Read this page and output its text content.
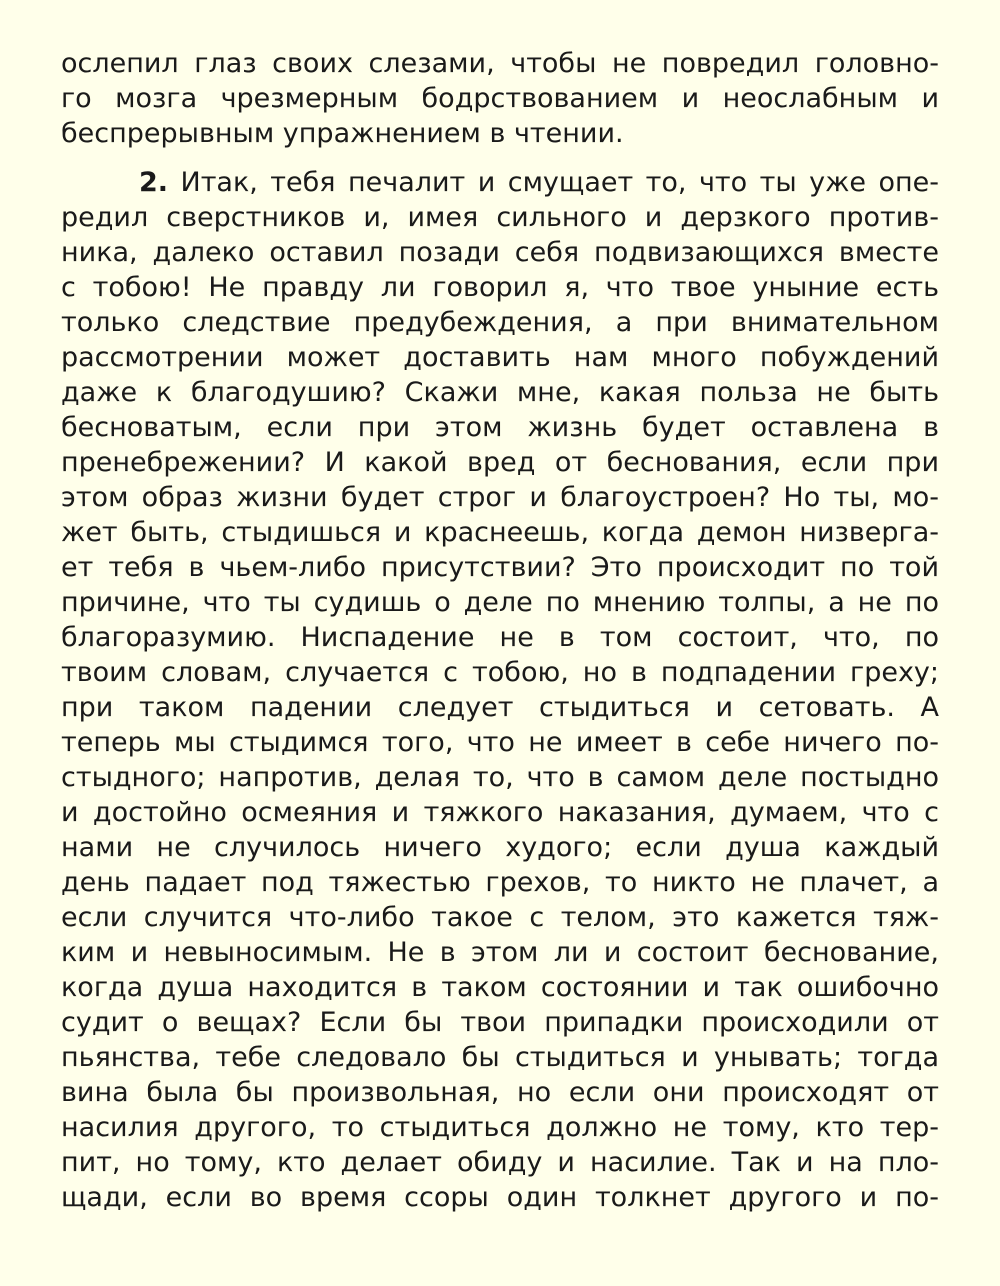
ослепил глаз своих слезами, чтобы не повредил головно-
го мозга чрезмерным бодрствованием и неослабным и
беспрерывным упражнением в чтении.
2. Итак, тебя печалит и смущает то, что ты уже опе-
редил сверстников и, имея сильного и дерзкого против-
ника, далеко оставил позади себя подвизающихся вместе
с тобою! Не правду ли говорил я, что твое уныние есть
только следствие предубеждения, а при внимательном
рассмотрении может доставить нам много побуждений
даже к благодушию? Скажи мне, какая польза не быть
бесноватым, если при этом жизнь будет оставлена в
пренебрежении? И какой вред от беснования, если при
этом образ жизни будет строг и благоустроен? Но ты, мо-
жет быть, стыдишься и краснеешь, когда демон низверга-
ет тебя в чьем-либо присутствии? Это происходит по той
причине, что ты судишь о деле по мнению толпы, а не по
благоразумию. Ниспадение не в том состоит, что, по
твоим словам, случается с тобою, но в подпадении греху;
при таком падении следует стыдиться и сетовать. А
теперь мы стыдимся того, что не имеет в себе ничего по-
стыдного; напротив, делая то, что в самом деле постыдно
и достойно осмеяния и тяжкого наказания, думаем, что с
нами не случилось ничего худого; если душа каждый
день падает под тяжестью грехов, то никто не плачет, а
если случится что-либо такое с телом, это кажется тяж-
ким и невыносимым. Не в этом ли и состоит беснование,
когда душа находится в таком состоянии и так ошибочно
судит о вещах? Если бы твои припадки происходили от
пьянства, тебе следовало бы стыдиться и унывать; тогда
вина была бы произвольная, но если они происходят от
насилия другого, то стыдиться должно не тому, кто тер-
пит, но тому, кто делает обиду и насилие. Так и на пло-
щади, если во время ссоры один толкнет другого и по-
